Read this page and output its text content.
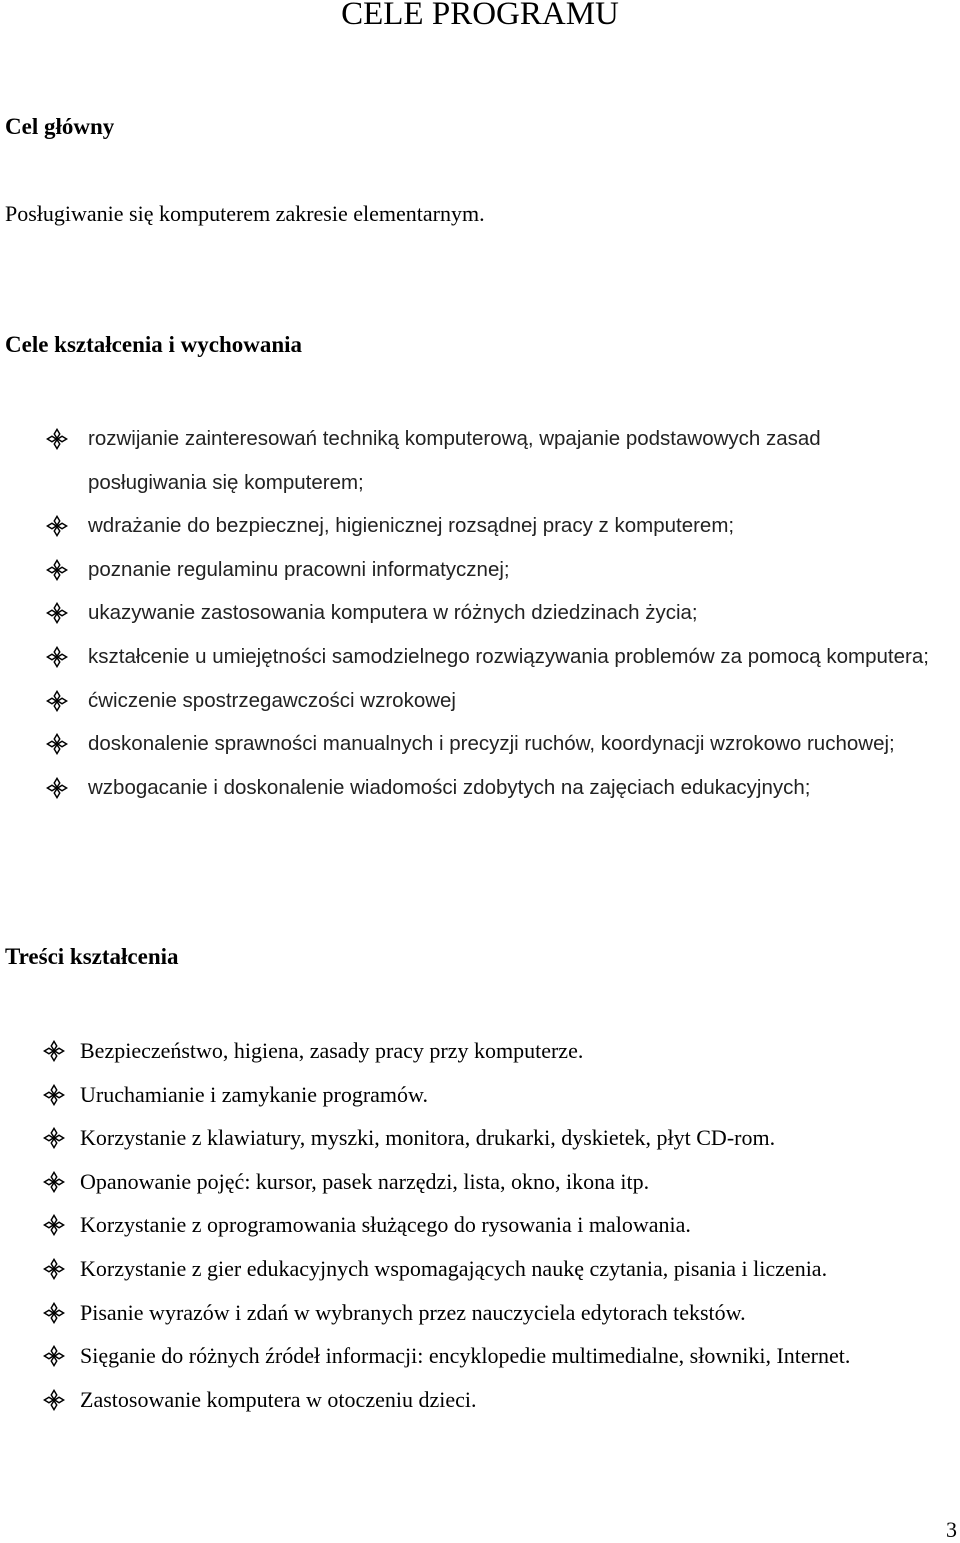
CELE PROGRAMU
Cel główny

Posługiwanie się komputerem zakresie elementarnym.

Cele kształcenia i wychowania
rozwijanie zainteresowań techniką komputerową, wpajanie podstawowych zasad posługiwania się komputerem;
wdrażanie do bezpiecznej, higienicznej rozsądnej pracy z komputerem;
poznanie regulaminu pracowni informatycznej;
ukazywanie zastosowania komputera w różnych dziedzinach życia;
kształcenie u umiejętności samodzielnego rozwiązywania problemów za pomocą komputera;
ćwiczenie spostrzegawczości wzrokowej
doskonalenie sprawności manualnych i precyzji ruchów, koordynacji wzrokowo ruchowej;
wzbogacanie i doskonalenie wiadomości zdobytych na zajęciach edukacyjnych;
Treści kształcenia
Bezpieczeństwo, higiena, zasady pracy przy komputerze.
Uruchamianie i zamykanie programów.
Korzystanie z klawiatury, myszki, monitora, drukarki, dyskietek, płyt CD-rom.
Opanowanie pojęć: kursor, pasek narzędzi, lista, okno, ikona itp.
Korzystanie z oprogramowania służącego do rysowania i malowania.
Korzystanie z gier edukacyjnych wspomagających naukę czytania, pisania i liczenia.
Pisanie wyrazów i zdań w wybranych przez nauczyciela edytorach tekstów.
Sięganie do różnych źródeł informacji: encyklopedie multimedialne, słowniki, Internet.
Zastosowanie komputera w otoczeniu dzieci.
3
